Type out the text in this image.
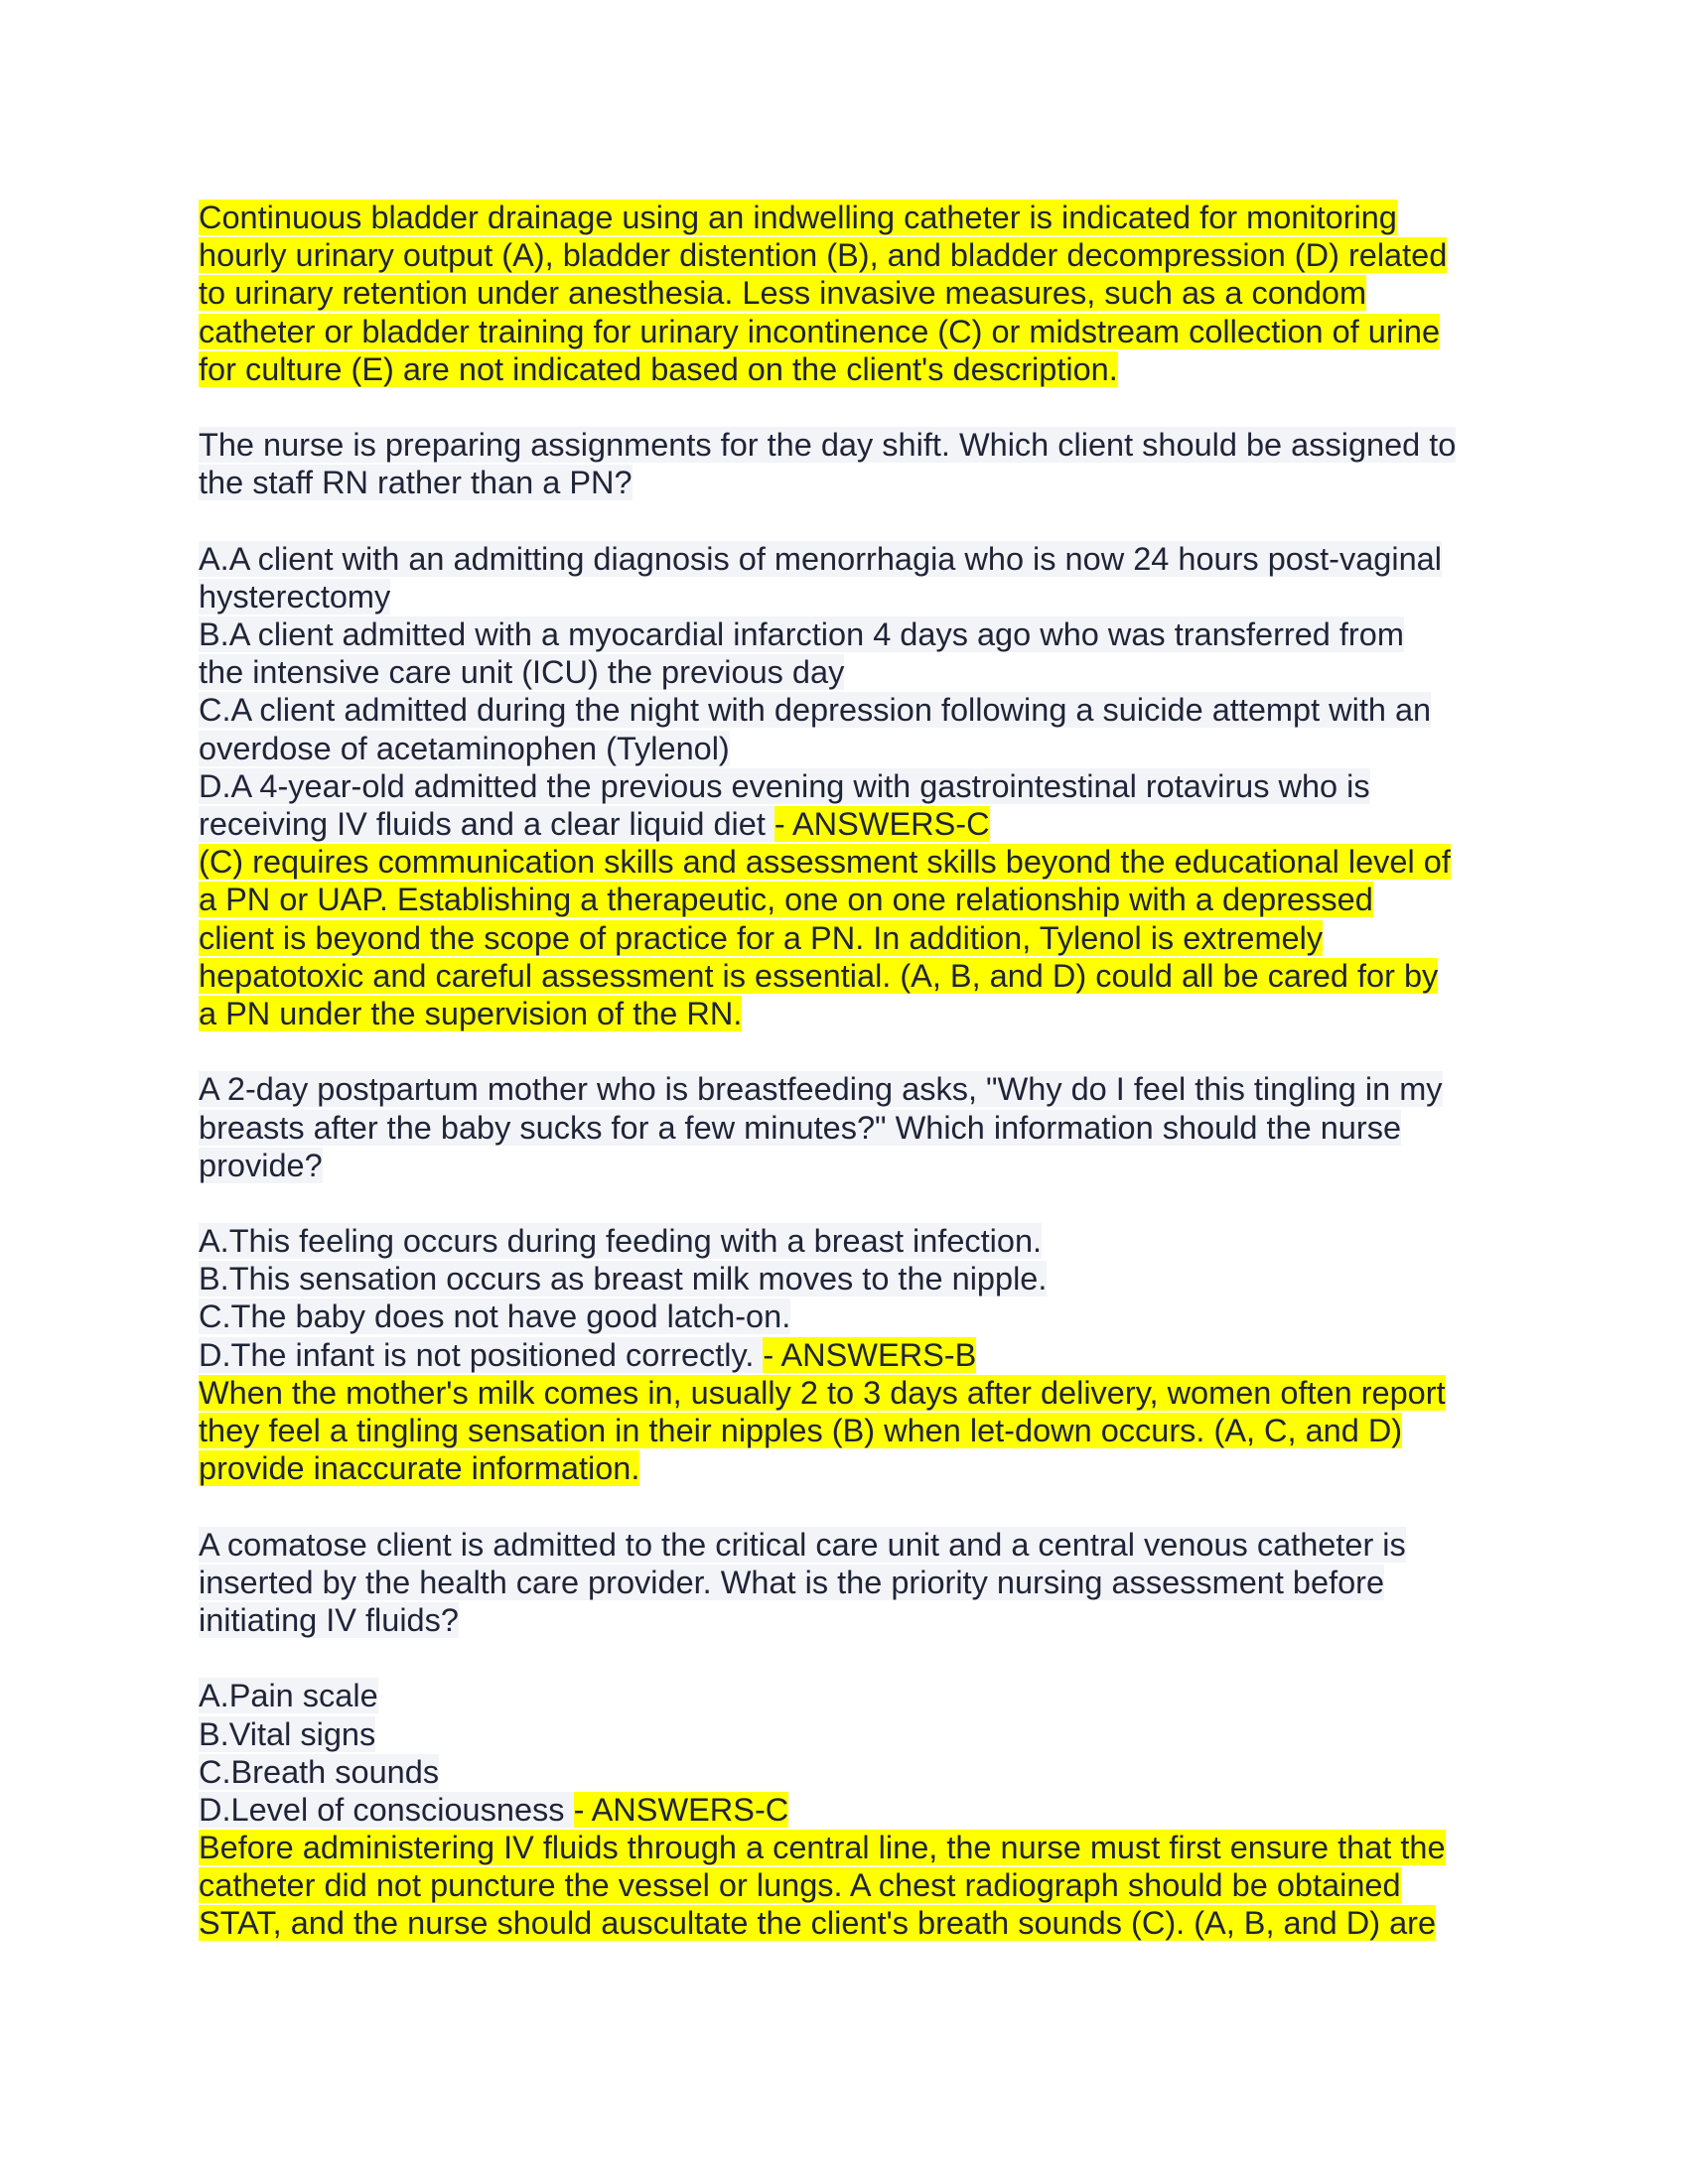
Continuous bladder drainage using an indwelling catheter is indicated for monitoring
hourly urinary output (A), bladder distention (B), and bladder decompression (D) related
to urinary retention under anesthesia. Less invasive measures, such as a condom
catheter or bladder training for urinary incontinence (C) or midstream collection of urine
for culture (E) are not indicated based on the client's description.
The nurse is preparing assignments for the day shift. Which client should be assigned to
the staff RN rather than a PN?
A.A client with an admitting diagnosis of menorrhagia who is now 24 hours post-vaginal
hysterectomy
B.A client admitted with a myocardial infarction 4 days ago who was transferred from
the intensive care unit (ICU) the previous day
C.A client admitted during the night with depression following a suicide attempt with an
overdose of acetaminophen (Tylenol)
D.A 4-year-old admitted the previous evening with gastrointestinal rotavirus who is
receiving IV fluids and a clear liquid diet - ANSWERS-C
(C) requires communication skills and assessment skills beyond the educational level of
a PN or UAP. Establishing a therapeutic, one on one relationship with a depressed
client is beyond the scope of practice for a PN. In addition, Tylenol is extremely
hepatotoxic and careful assessment is essential. (A, B, and D) could all be cared for by
a PN under the supervision of the RN.
A 2-day postpartum mother who is breastfeeding asks, "Why do I feel this tingling in my
breasts after the baby sucks for a few minutes?" Which information should the nurse
provide?
A.This feeling occurs during feeding with a breast infection.
B.This sensation occurs as breast milk moves to the nipple.
C.The baby does not have good latch-on.
D.The infant is not positioned correctly. - ANSWERS-B
When the mother's milk comes in, usually 2 to 3 days after delivery, women often report
they feel a tingling sensation in their nipples (B) when let-down occurs. (A, C, and D)
provide inaccurate information.
A comatose client is admitted to the critical care unit and a central venous catheter is
inserted by the health care provider. What is the priority nursing assessment before
initiating IV fluids?
A.Pain scale
B.Vital signs
C.Breath sounds
D.Level of consciousness - ANSWERS-C
Before administering IV fluids through a central line, the nurse must first ensure that the
catheter did not puncture the vessel or lungs. A chest radiograph should be obtained
STAT, and the nurse should auscultate the client's breath sounds (C). (A, B, and D) are
